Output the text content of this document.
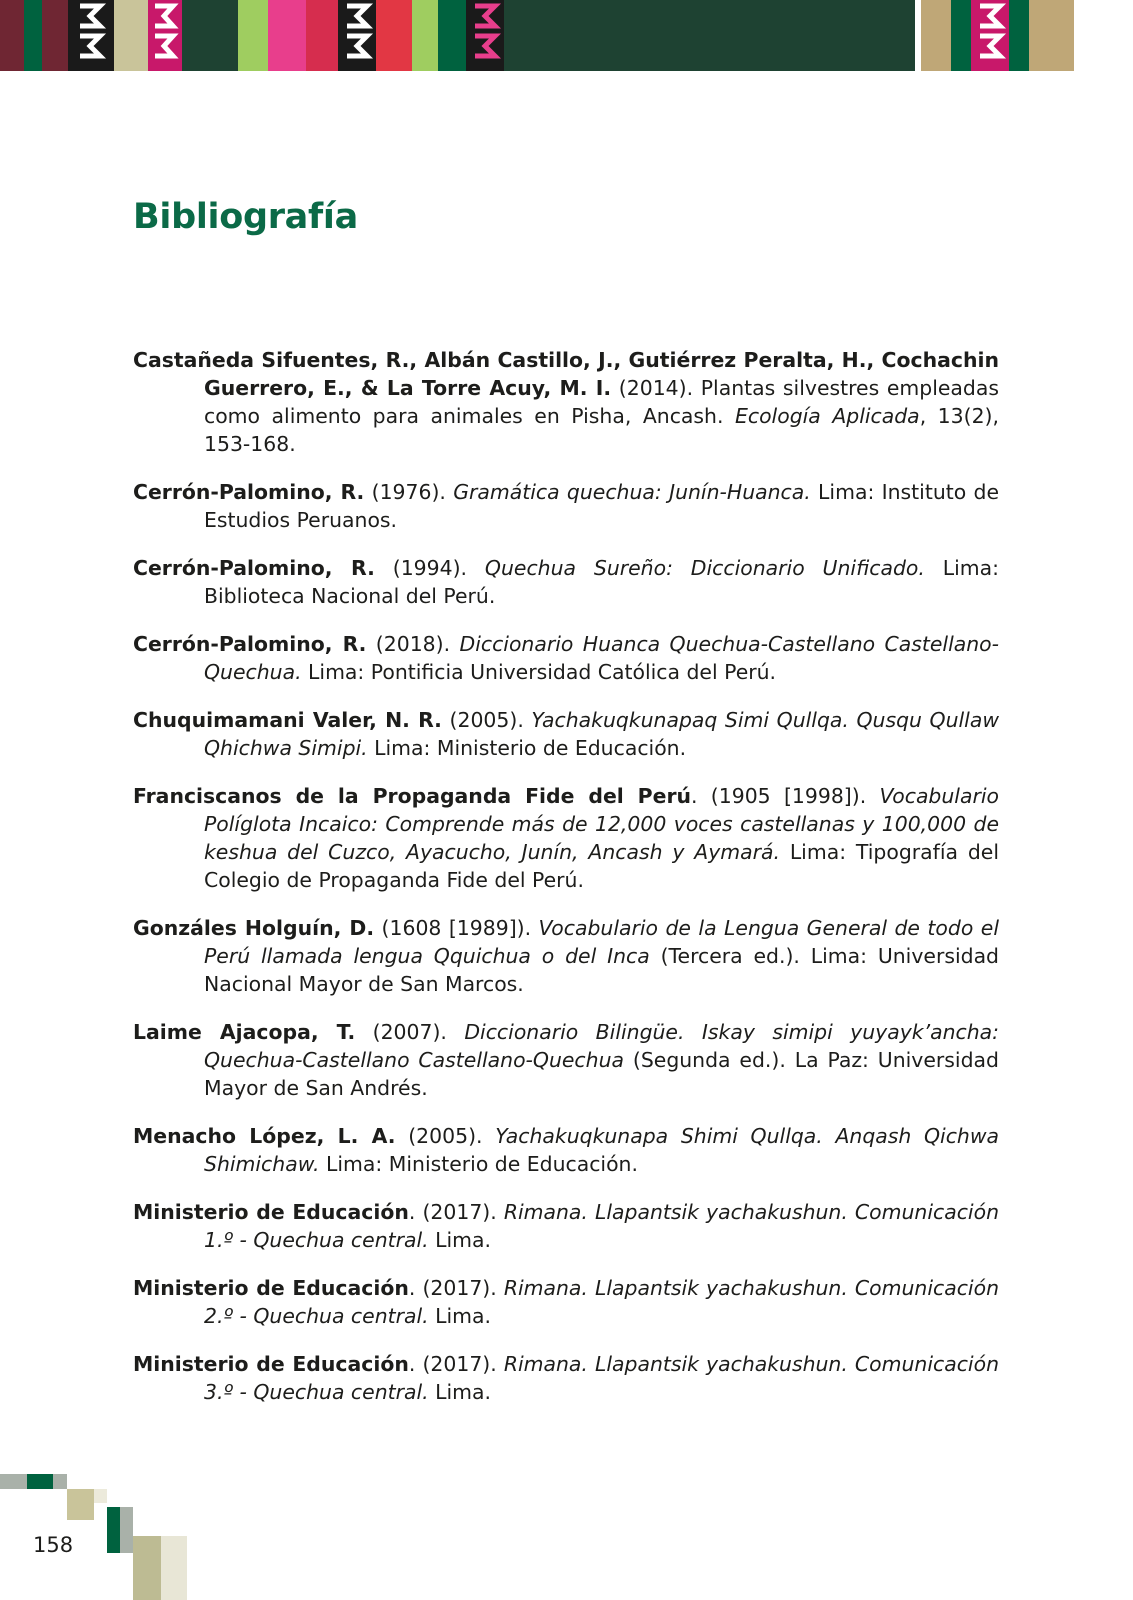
Bibliografía

Castañeda Sifuentes, R., Albán Castillo, J., Gutiérrez Peralta, H., Cochachin Guerrero, E., & La Torre Acuy, M. I. (2014). Plantas silvestres empleadas como alimento para animales en Pisha, Ancash. Ecología Aplicada, 13(2), 153-168.

Cerrón-Palomino, R. (1976). Gramática quechua: Junín-Huanca. Lima: Instituto de Estudios Peruanos.

Cerrón-Palomino, R. (1994). Quechua Sureño: Diccionario Unificado. Lima: Biblioteca Nacional del Perú.

Cerrón-Palomino, R. (2018). Diccionario Huanca Quechua-Castellano Castellano-Quechua. Lima: Pontificia Universidad Católica del Perú.

Chuquimamani Valer, N. R. (2005). Yachakuqkunapaq Simi Qullqa. Qusqu Qullaw Qhichwa Simipi. Lima: Ministerio de Educación.

Franciscanos de la Propaganda Fide del Perú. (1905 [1998]). Vocabulario Políglota Incaico: Comprende más de 12,000 voces castellanas y 100,000 de keshua del Cuzco, Ayacucho, Junín, Ancash y Aymará. Lima: Tipografía del Colegio de Propaganda Fide del Perú.

Gonzáles Holguín, D. (1608 [1989]). Vocabulario de la Lengua General de todo el Perú llamada lengua Qquichua o del Inca (Tercera ed.). Lima: Universidad Nacional Mayor de San Marcos.

Laime Ajacopa, T. (2007). Diccionario Bilingüe. Iskay simipi yuyayk’ancha: Quechua-Castellano Castellano-Quechua (Segunda ed.). La Paz: Universidad Mayor de San Andrés.

Menacho López, L. A. (2005). Yachakuqkunapa Shimi Qullqa. Anqash Qichwa Shimichaw. Lima: Ministerio de Educación.

Ministerio de Educación. (2017). Rimana. Llapantsik yachakushun. Comunicación 1.º - Quechua central. Lima.

Ministerio de Educación. (2017). Rimana. Llapantsik yachakushun. Comunicación 2.º - Quechua central. Lima.

Ministerio de Educación. (2017). Rimana. Llapantsik yachakushun. Comunicación 3.º - Quechua central. Lima.

158
